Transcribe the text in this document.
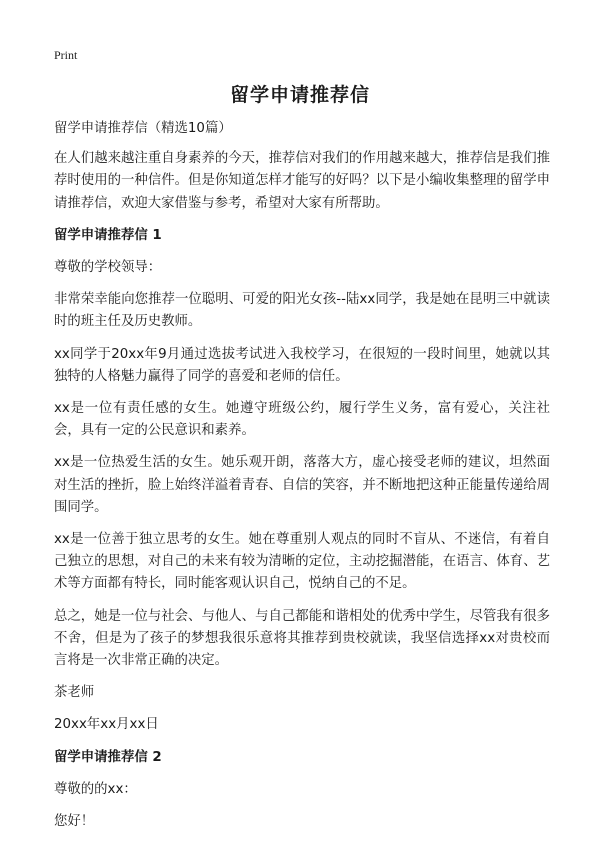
Print
留学申请推荐信

留学申请推荐信（精选10篇）

在人们越来越注重自身素养的今天，推荐信对我们的作用越来越大，推荐信是我们推荐时使用的一种信件。但是你知道怎样才能写的好吗？以下是小编收集整理的留学申请推荐信，欢迎大家借鉴与参考，希望对大家有所帮助。

留学申请推荐信 1

尊敬的学校领导：

非常荣幸能向您推荐一位聪明、可爱的阳光女孩--陆xx同学，我是她在昆明三中就读时的班主任及历史教师。

xx同学于20xx年9月通过选拔考试进入我校学习，在很短的一段时间里，她就以其独特的人格魅力赢得了同学的喜爱和老师的信任。

xx是一位有责任感的女生。她遵守班级公约，履行学生义务，富有爱心，关注社会，具有一定的公民意识和素养。

xx是一位热爱生活的女生。她乐观开朗，落落大方，虚心接受老师的建议，坦然面对生活的挫折，脸上始终洋溢着青春、自信的笑容，并不断地把这种正能量传递给周围同学。

xx是一位善于独立思考的女生。她在尊重别人观点的同时不盲从、不迷信，有着自己独立的思想，对自己的未来有较为清晰的定位，主动挖掘潜能，在语言、体育、艺术等方面都有特长，同时能客观认识自己，悦纳自己的不足。

总之，她是一位与社会、与他人、与自己都能和谐相处的优秀中学生，尽管我有很多不舍，但是为了孩子的梦想我很乐意将其推荐到贵校就读，我坚信选择xx对贵校而言将是一次非常正确的决定。

茶老师

20xx年xx月xx日

留学申请推荐信 2

尊敬的的xx：

您好！
